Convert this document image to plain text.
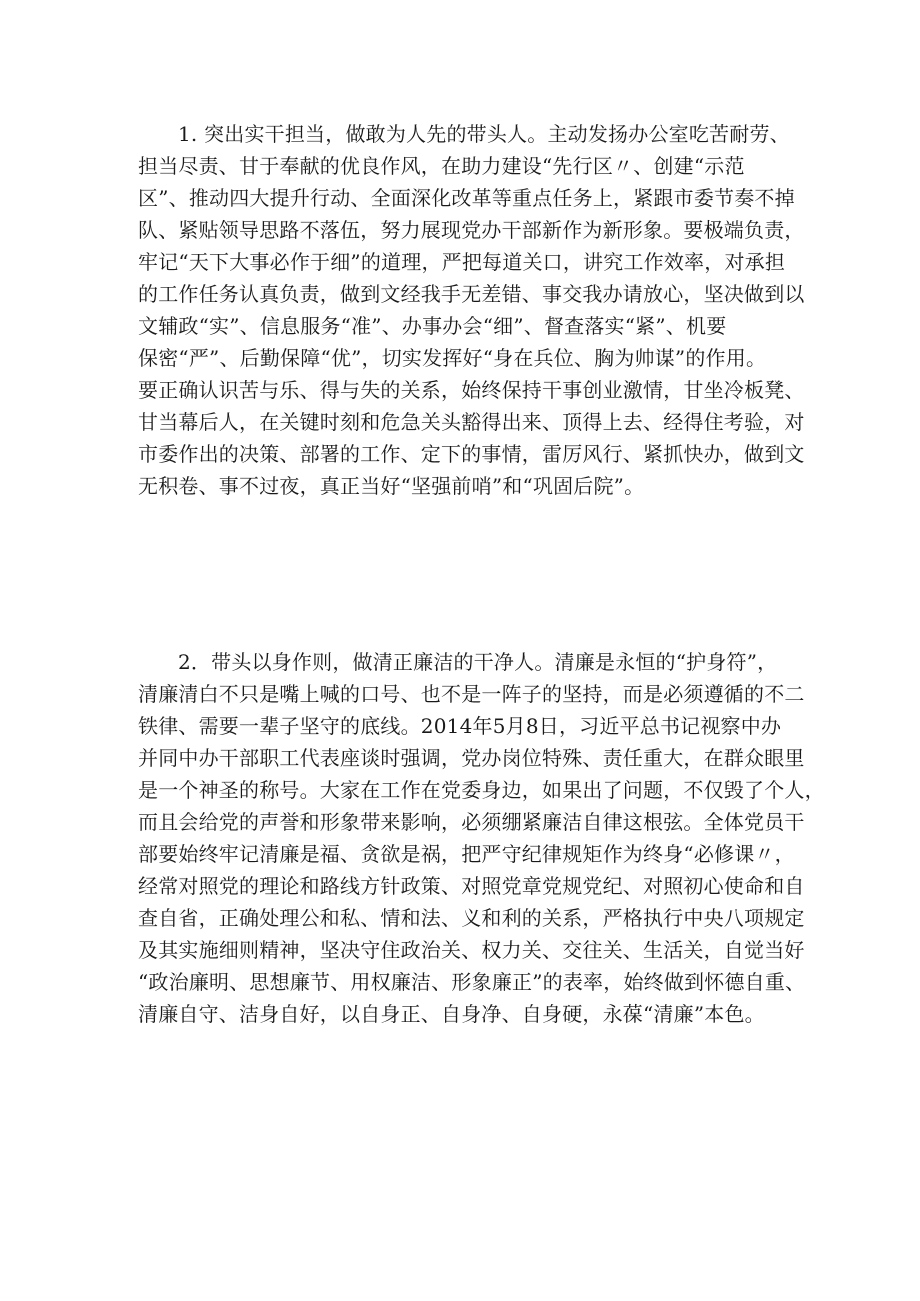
1. 突出实干担当，做敢为人先的带头人。主动发扬办公室吃苦耐劳、
担当尽责、甘于奉献的优良作风，在助力建设“先行区〃、创建“示范
区”、推动四大提升行动、全面深化改革等重点任务上，紧跟市委节奏不掉
队、紧贴领导思路不落伍，努力展现党办干部新作为新形象。要极端负责，
牢记“天下大事必作于细”的道理，严把每道关口，讲究工作效率，对承担
的工作任务认真负责，做到文经我手无差错、事交我办请放心，坚决做到以
文辅政“实”、信息服务“准”、办事办会“细”、督查落实“紧”、机要
保密“严”、后勤保障“优”，切实发挥好“身在兵位、胸为帅谋”的作用。
要正确认识苦与乐、得与失的关系，始终保持干事创业激情，甘坐冷板凳、
甘当幕后人，在关键时刻和危急关头豁得出来、顶得上去、经得住考验，对
市委作出的决策、部署的工作、定下的事情，雷厉风行、紧抓快办，做到文
无积卷、事不过夜，真正当好“坚强前哨”和“巩固后院”。
2．带头以身作则，做清正廉洁的干净人。清廉是永恒的“护身符”，
清廉清白不只是嘴上喊的口号、也不是一阵子的坚持，而是必须遵循的不二
铁律、需要一辈子坚守的底线。2014年5月8日，习近平总书记视察中办
并同中办干部职工代表座谈时强调，党办岗位特殊、责任重大，在群众眼里
是一个神圣的称号。大家在工作在党委身边，如果出了问题，不仅毁了个人，
而且会给党的声誉和形象带来影响，必须绷紧廉洁自律这根弦。全体党员干
部要始终牢记清廉是福、贪欲是祸，把严守纪律规矩作为终身“必修课〃，
经常对照党的理论和路线方针政策、对照党章党规党纪、对照初心使命和自
查自省，正确处理公和私、情和法、义和利的关系，严格执行中央八项规定
及其实施细则精神，坚决守住政治关、权力关、交往关、生活关，自觉当好
“政治廉明、思想廉节、用权廉洁、形象廉正”的表率，始终做到怀德自重、
清廉自守、洁身自好，以自身正、自身净、自身硬，永葆“清廉”本色。
